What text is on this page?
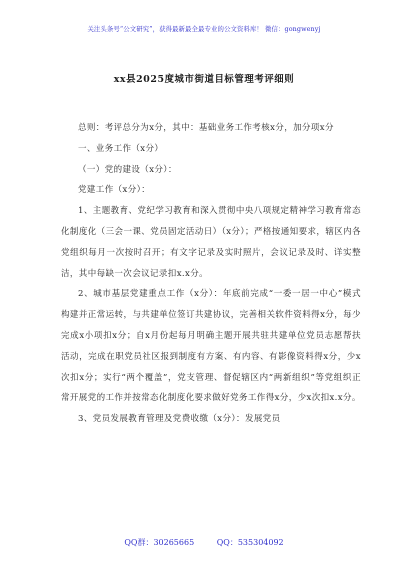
关注头条号“公文研究”，获得最新最全最专业的公文资料库！ 微信：gongwenyj
xx县2025度城市街道目标管理考评细则

总则：考评总分为x分，其中：基础业务工作考核x分，加分项x分

一、业务工作（x分）

（一）党的建设（x分）：

党建工作（x分）：

1、主题教育、党纪学习教育和深入贯彻中央八项规定精神学习教育常态化制度化（三会一课、党员固定活动日）（x分）；严格按通知要求，辖区内各党组织每月一次按时召开；有文字记录及实时照片，会议记录及时、详实整洁，其中每缺一次会议记录扣x.x分。

2、城市基层党建重点工作（x分）：年底前完成“一委一居一中心”模式构建并正常运转，与共建单位签订共建协议，完善相关软件资料得x分，每少完成x小项扣x分；自x月份起每月明确主题开展共驻共建单位党员志愿帮扶活动，完成在职党员社区报到制度有方案、有内容、有影像资料得x分，少x次扣x分；实行“两个覆盖”，党支管理、督促辖区内“两新组织”等党组织正常开展党的工作并按常态化制度化要求做好党务工作得x分，少x次扣x.x分。

3、党员发展教育管理及党费收缴（x分）：发展党员

QQ群：30265665	QQ：535304092
